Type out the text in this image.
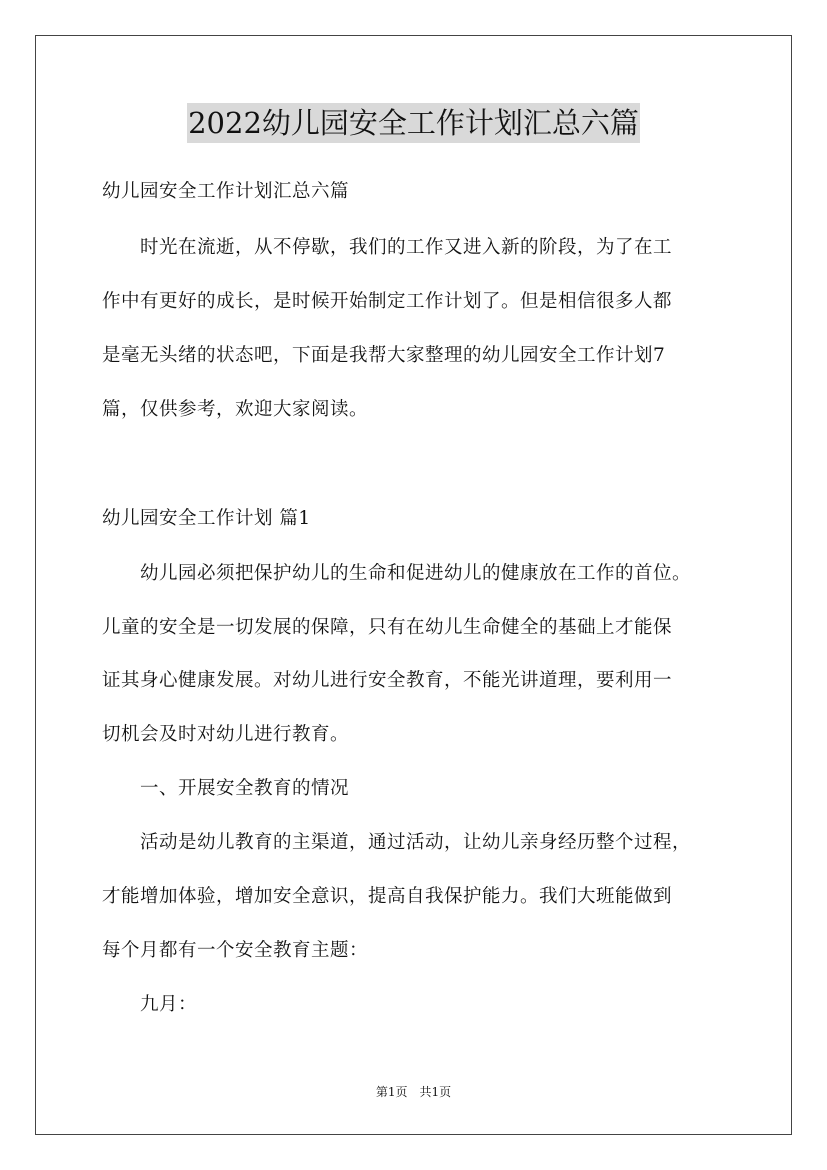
2022幼儿园安全工作计划汇总六篇
幼儿园安全工作计划汇总六篇
　　时光在流逝，从不停歇，我们的工作又进入新的阶段，为了在工
作中有更好的成长，是时候开始制定工作计划了。但是相信很多人都
是毫无头绪的状态吧，下面是我帮大家整理的幼儿园安全工作计划7
篇，仅供参考，欢迎大家阅读。
幼儿园安全工作计划 篇1
　　幼儿园必须把保护幼儿的生命和促进幼儿的健康放在工作的首位。
儿童的安全是一切发展的保障，只有在幼儿生命健全的基础上才能保
证其身心健康发展。对幼儿进行安全教育，不能光讲道理，要利用一
切机会及时对幼儿进行教育。
　　一、开展安全教育的情况
　　活动是幼儿教育的主渠道，通过活动，让幼儿亲身经历整个过程，
才能增加体验，增加安全意识，提高自我保护能力。我们大班能做到
每个月都有一个安全教育主题：
　　九月：
第1页　共1页
